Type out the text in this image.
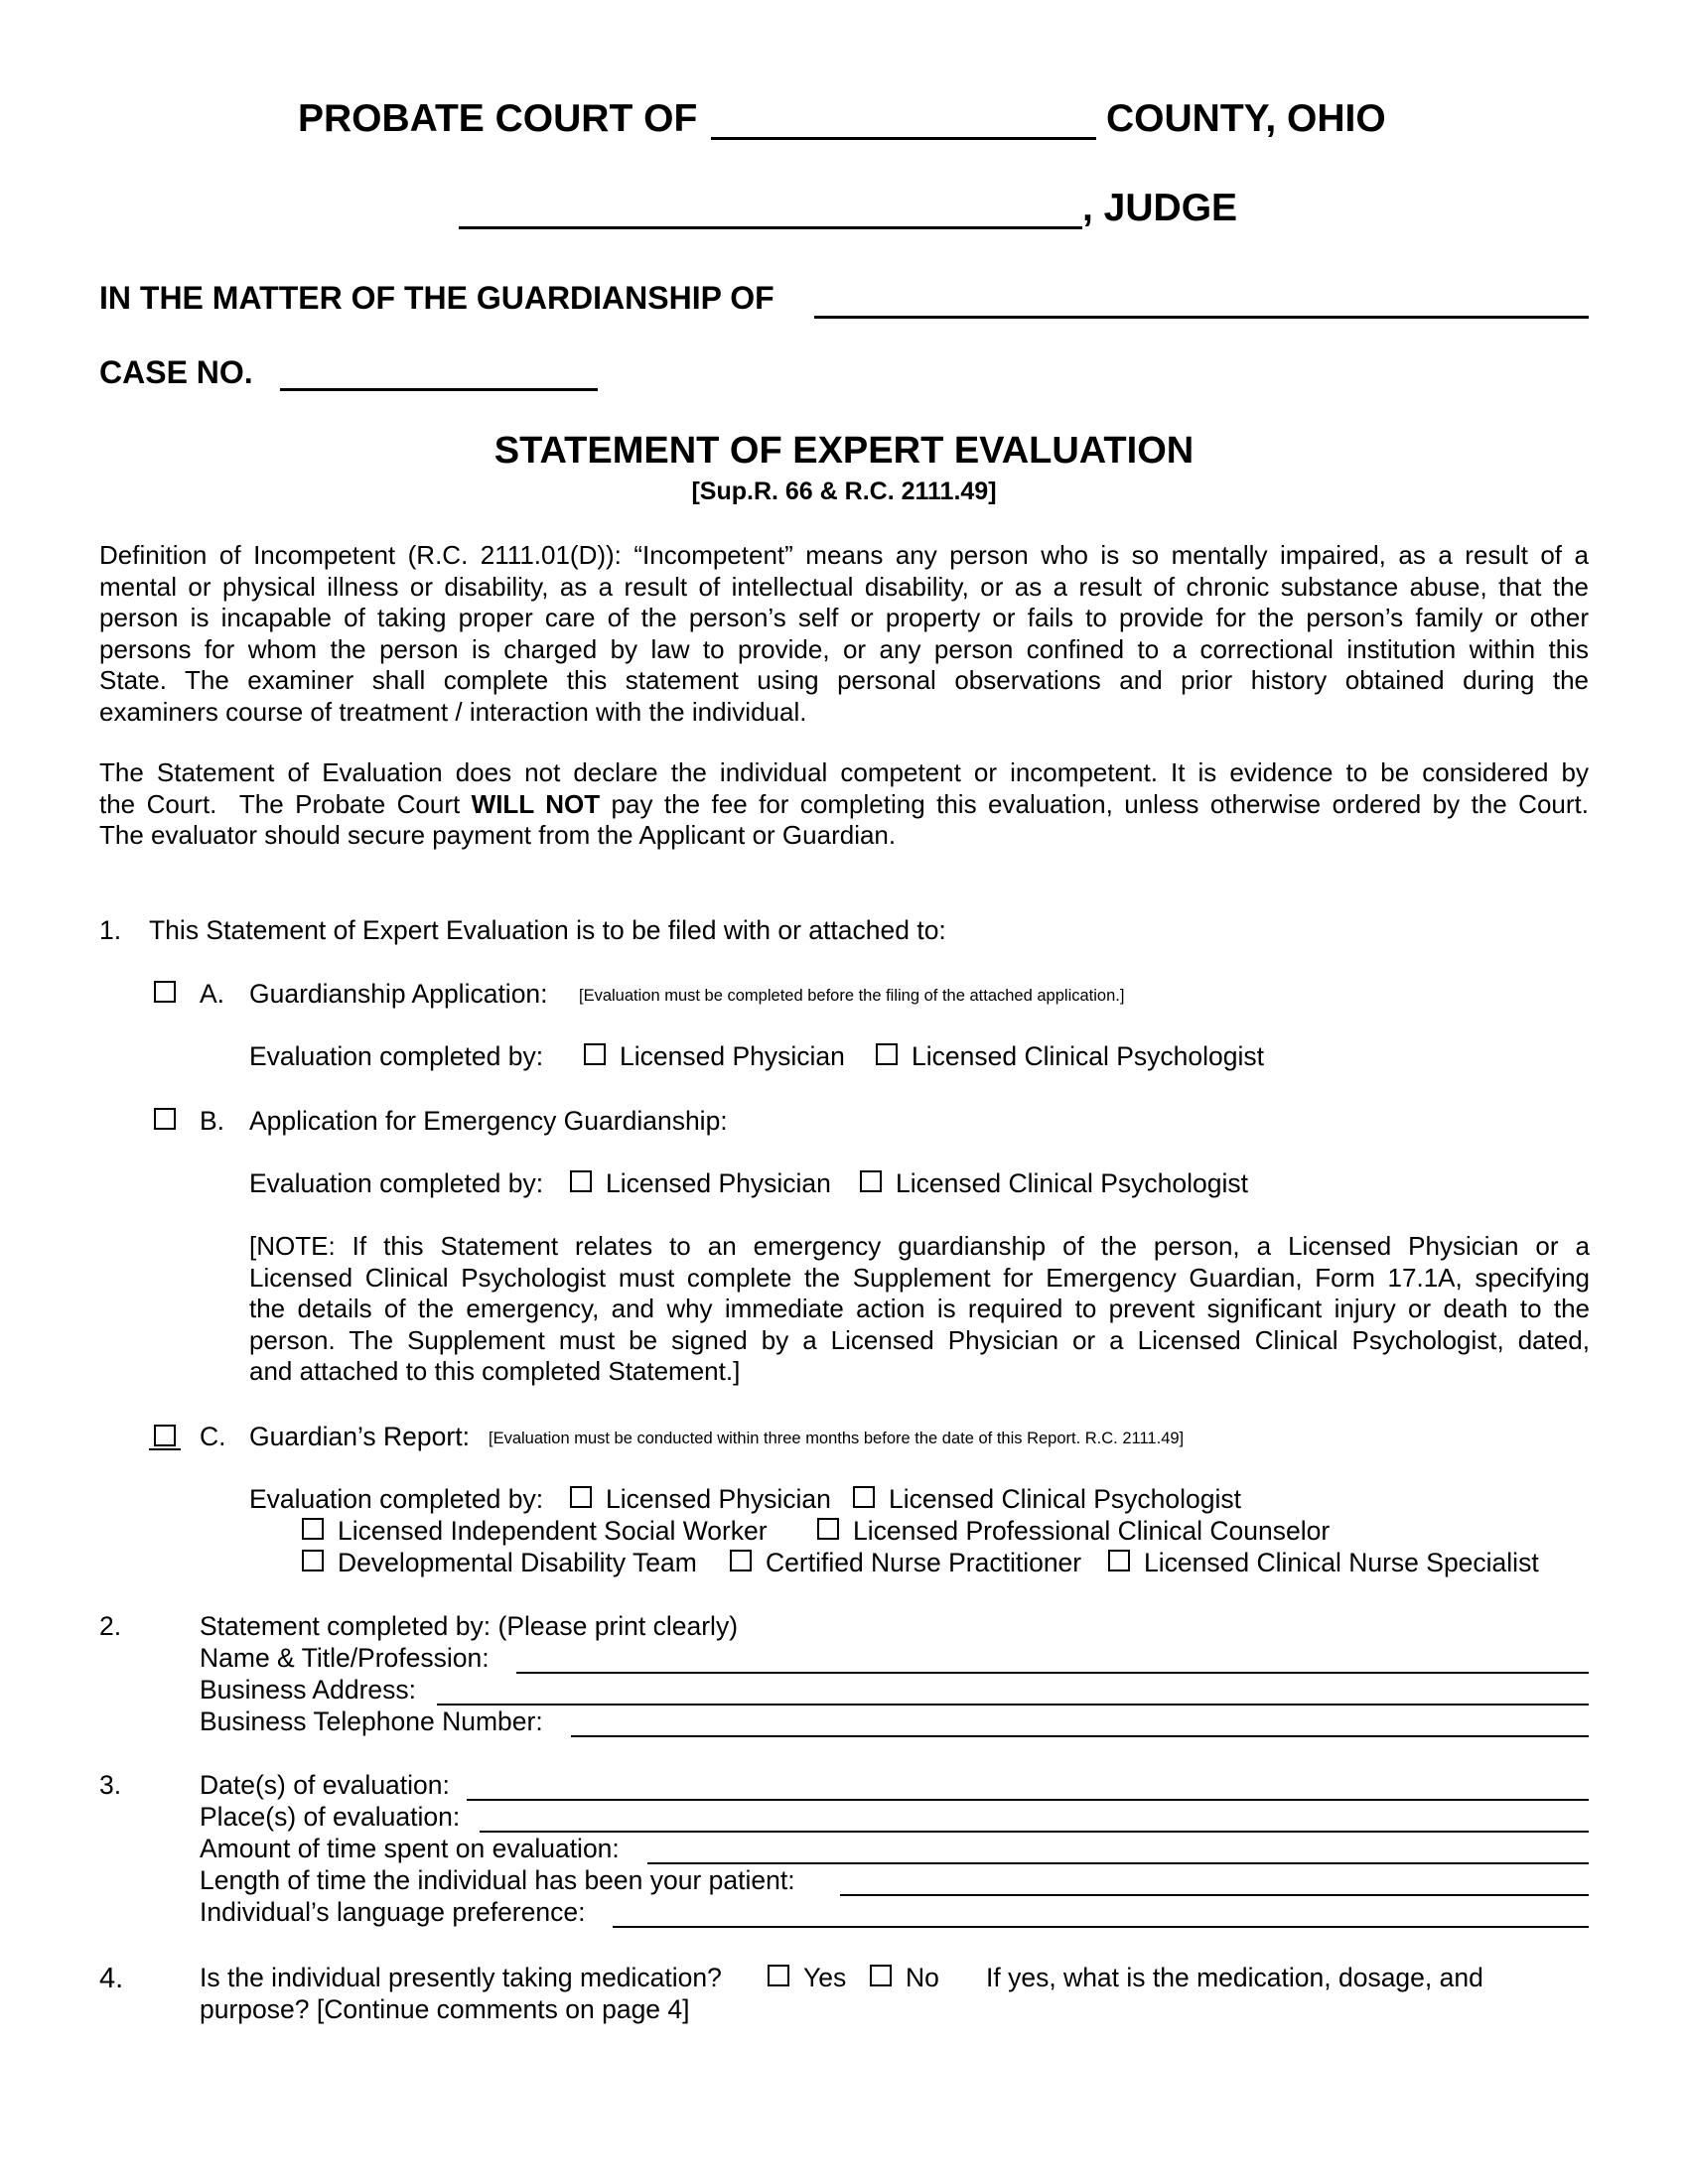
PROBATE COURT OF	COUNTY, OHIO
, JUDGE
IN THE MATTER OF THE GUARDIANSHIP OF
CASE NO.
STATEMENT OF EXPERT EVALUATION
[Sup.R. 66 & R.C. 2111.49]
Definition of Incompetent (R.C. 2111.01(D)): “Incompetent” means any person who is so mentally impaired, as a result of a
mental or physical illness or disability, as a result of intellectual disability, or as a result of chronic substance abuse, that the
person is incapable of taking proper care of the person’s self or property or fails to provide for the person’s family or other
persons for whom the person is charged by law to provide, or any person confined to a correctional institution within this
State. The examiner shall complete this statement using personal observations and prior history obtained during the
examiners course of treatment / interaction with the individual.
The Statement of Evaluation does not declare the individual competent or incompetent. It is evidence to be considered by
the Court.  The Probate Court WILL NOT pay the fee for completing this evaluation, unless otherwise ordered by the Court.
The evaluator should secure payment from the Applicant or Guardian.
1. This Statement of Expert Evaluation is to be filed with or attached to:
A. Guardianship Application: [Evaluation must be completed before the filing of the attached application.]
Evaluation completed by:	Licensed Physician	Licensed Clinical Psychologist
B. Application for Emergency Guardianship:
Evaluation completed by: Licensed Physician Licensed Clinical Psychologist
[NOTE: If this Statement relates to an emergency guardianship of the person, a Licensed Physician or a
Licensed Clinical Psychologist must complete the Supplement for Emergency Guardian, Form 17.1A, specifying
the details of the emergency, and why immediate action is required to prevent significant injury or death to the
person. The Supplement must be signed by a Licensed Physician or a Licensed Clinical Psychologist, dated,
and attached to this completed Statement.]
C. Guardian’s Report: [Evaluation must be conducted within three months before the date of this Report. R.C. 2111.49]
Evaluation completed by: Licensed Physician Licensed Clinical Psychologist
Licensed Independent Social Worker	Licensed Professional Clinical Counselor
Developmental Disability Team	Certified Nurse Practitioner Licensed Clinical Nurse Specialist
2.	Statement completed by: (Please print clearly)
Name & Title/Profession:
Business Address:
Business Telephone Number:
3.	Date(s) of evaluation:
Place(s) of evaluation:
Amount of time spent on evaluation:
Length of time the individual has been your patient:
Individual’s language preference:
4.	Is the individual presently taking medication?	Yes No If yes, what is the medication, dosage, and
purpose? [Continue comments on page 4]
